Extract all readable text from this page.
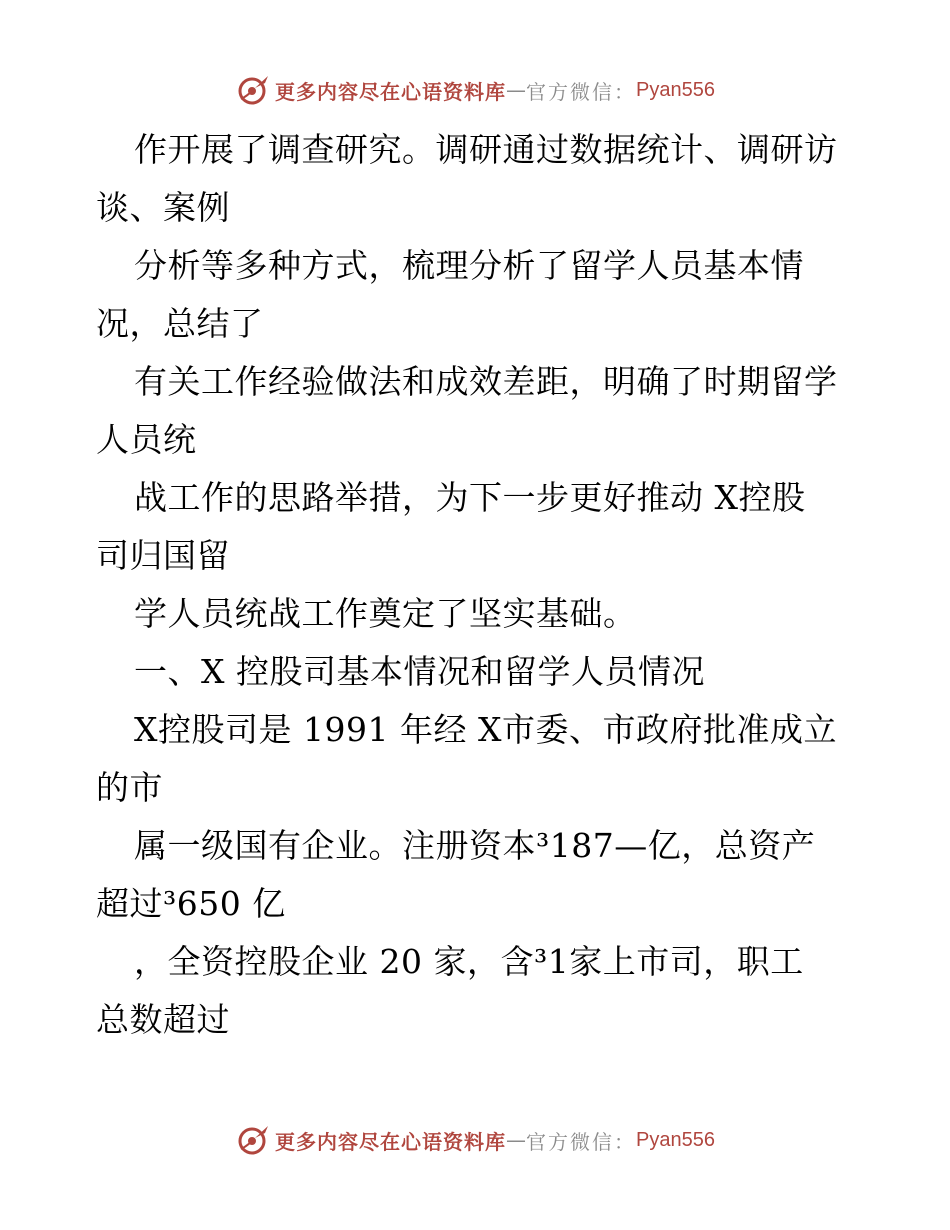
更多内容尽在心语资料库 — 官方微信： Pyan556
作开展了调查研究。调研通过数据统计、调研访
谈、案例
分析等多种方式，梳理分析了留学人员基本情
况，总结了
有关工作经验做法和成效差距，明确了时期留学
人员统
战工作的思路举措，为下一步更好推动 X控股
司归国留
学人员统战工作奠定了坚实基础。
一、X 控股司基本情况和留学人员情况
X控股司是 1991 年经 X市委、市政府批准成立
的市
属一级国有企业。注册资本³187—亿，总资产
超过³650 亿
，全资控股企业 20 家，含³1家上市司，职工
总数超过
更多内容尽在心语资料库 — 官方微信： Pyan556
